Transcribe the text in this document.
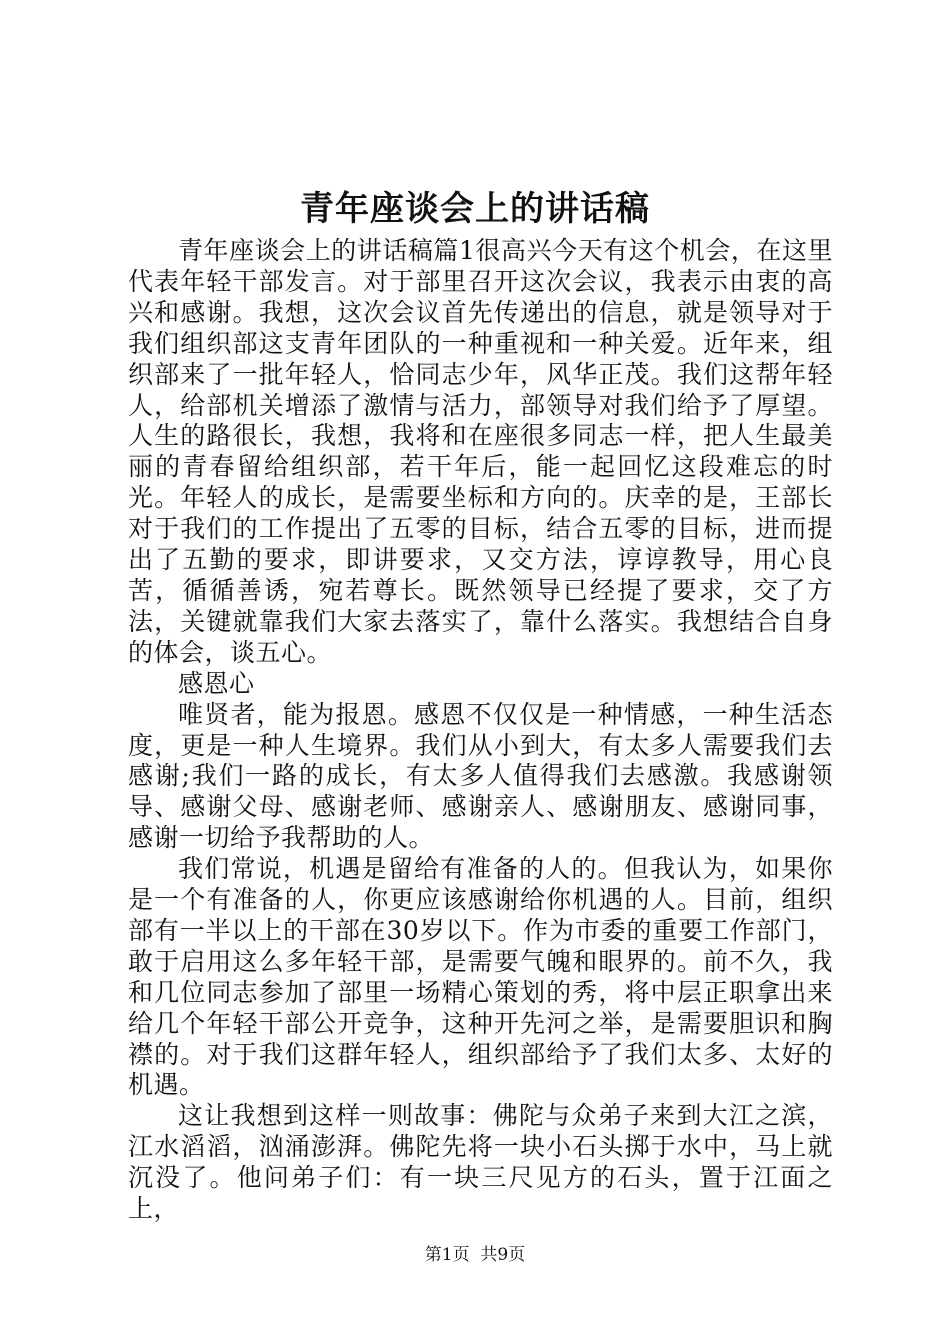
青年座谈会上的讲话稿

青年座谈会上的讲话稿篇1很高兴今天有这个机会，在这里代表年轻干部发言。对于部里召开这次会议，我表示由衷的高兴和感谢。我想，这次会议首先传递出的信息，就是领导对于我们组织部这支青年团队的一种重视和一种关爱。近年来，组织部来了一批年轻人，恰同志少年，风华正茂。我们这帮年轻人，给部机关增添了激情与活力，部领导对我们给予了厚望。人生的路很长，我想，我将和在座很多同志一样，把人生最美丽的青春留给组织部，若干年后，能一起回忆这段难忘的时光。年轻人的成长，是需要坐标和方向的。庆幸的是，王部长对于我们的工作提出了五零的目标，结合五零的目标，进而提出了五勤的要求，即讲要求，又交方法，谆谆教导，用心良苦，循循善诱，宛若尊长。既然领导已经提了要求，交了方法，关键就靠我们大家去落实了，靠什么落实。我想结合自身的体会，谈五心。

感恩心

唯贤者，能为报恩。感恩不仅仅是一种情感，一种生活态度，更是一种人生境界。我们从小到大，有太多人需要我们去感谢;我们一路的成长，有太多人值得我们去感激。我感谢领导、感谢父母、感谢老师、感谢亲人、感谢朋友、感谢同事，感谢一切给予我帮助的人。

我们常说，机遇是留给有准备的人的。但我认为，如果你是一个有准备的人，你更应该感谢给你机遇的人。目前，组织部有一半以上的干部在30岁以下。作为市委的重要工作部门，敢于启用这么多年轻干部，是需要气魄和眼界的。前不久，我和几位同志参加了部里一场精心策划的秀，将中层正职拿出来给几个年轻干部公开竞争，这种开先河之举，是需要胆识和胸襟的。对于我们这群年轻人，组织部给予了我们太多、太好的机遇。

这让我想到这样一则故事：佛陀与众弟子来到大江之滨，江水滔滔，汹涌澎湃。佛陀先将一块小石头掷于水中，马上就沉没了。他问弟子们：有一块三尺见方的石头，置于江面之上，

第1页 共9页
